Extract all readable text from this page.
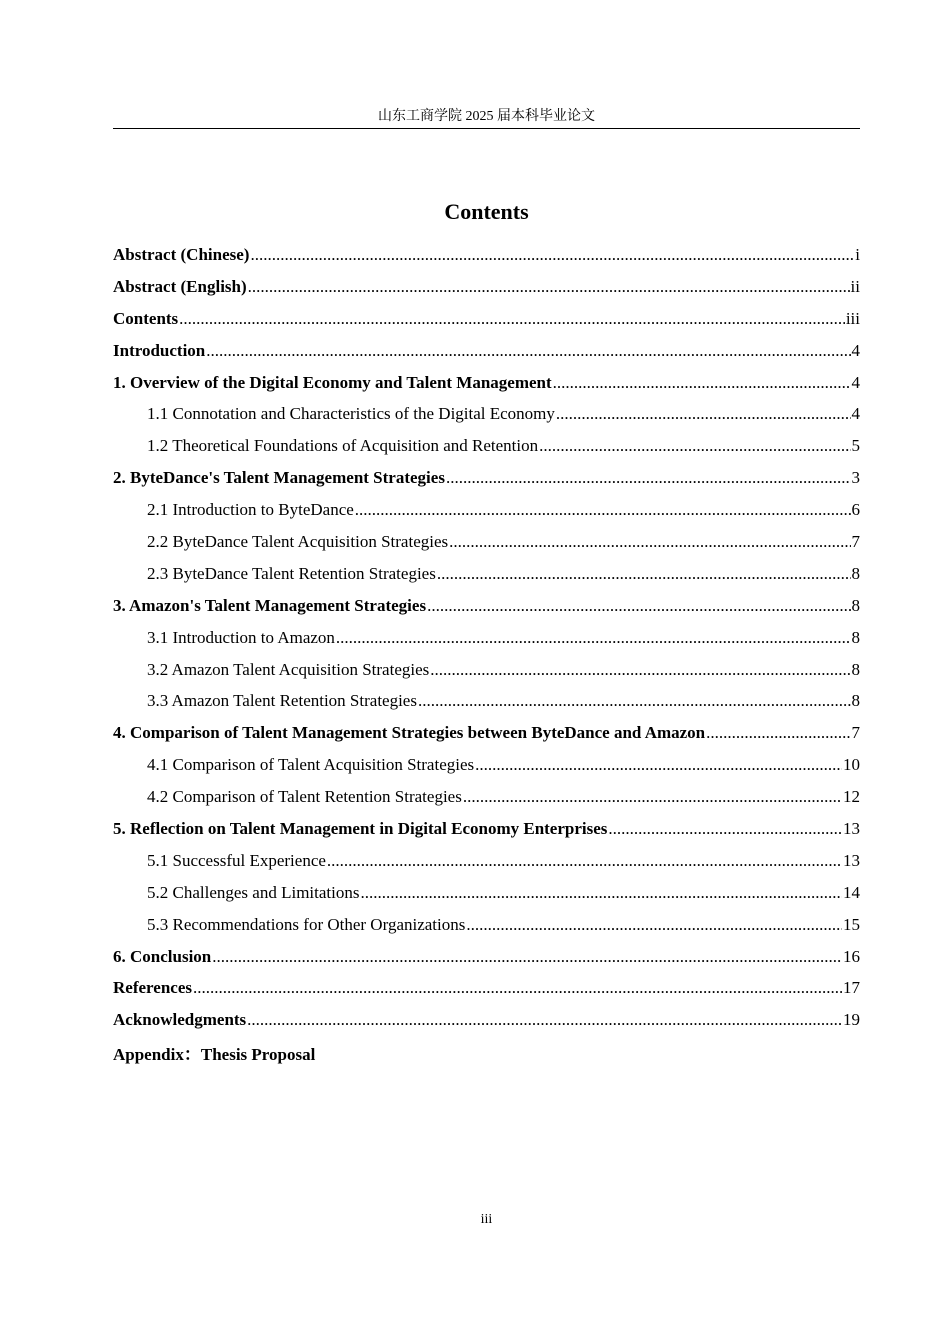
山东工商学院 2025 届本科毕业论文
Contents
Abstract (Chinese) .....	i
Abstract (English) .....	ii
Contents .....	iii
Introduction .....	4
1. Overview of the Digital Economy and Talent Management .....	4
1.1 Connotation and Characteristics of the Digital Economy .....	4
1.2 Theoretical Foundations of Acquisition and Retention .....	5
2. ByteDance's Talent Management Strategies .....	3
2.1 Introduction to ByteDance .....	6
2.2 ByteDance Talent Acquisition Strategies .....	7
2.3 ByteDance Talent Retention Strategies .....	8
3. Amazon's Talent Management Strategies .....	8
3.1 Introduction to Amazon .....	8
3.2 Amazon Talent Acquisition Strategies .....	8
3.3 Amazon Talent Retention Strategies .....	8
4. Comparison of Talent Management Strategies between ByteDance and Amazon .....	7
4.1 Comparison of Talent Acquisition Strategies .....	10
4.2 Comparison of Talent Retention Strategies .....	12
5. Reflection on Talent Management in Digital Economy Enterprises .....	13
5.1 Successful Experience .....	13
5.2 Challenges and Limitations .....	14
5.3 Recommendations for Other Organizations .....	15
6. Conclusion .....	16
References .....	17
Acknowledgments .....	19
Appendix：Thesis Proposal
iii
